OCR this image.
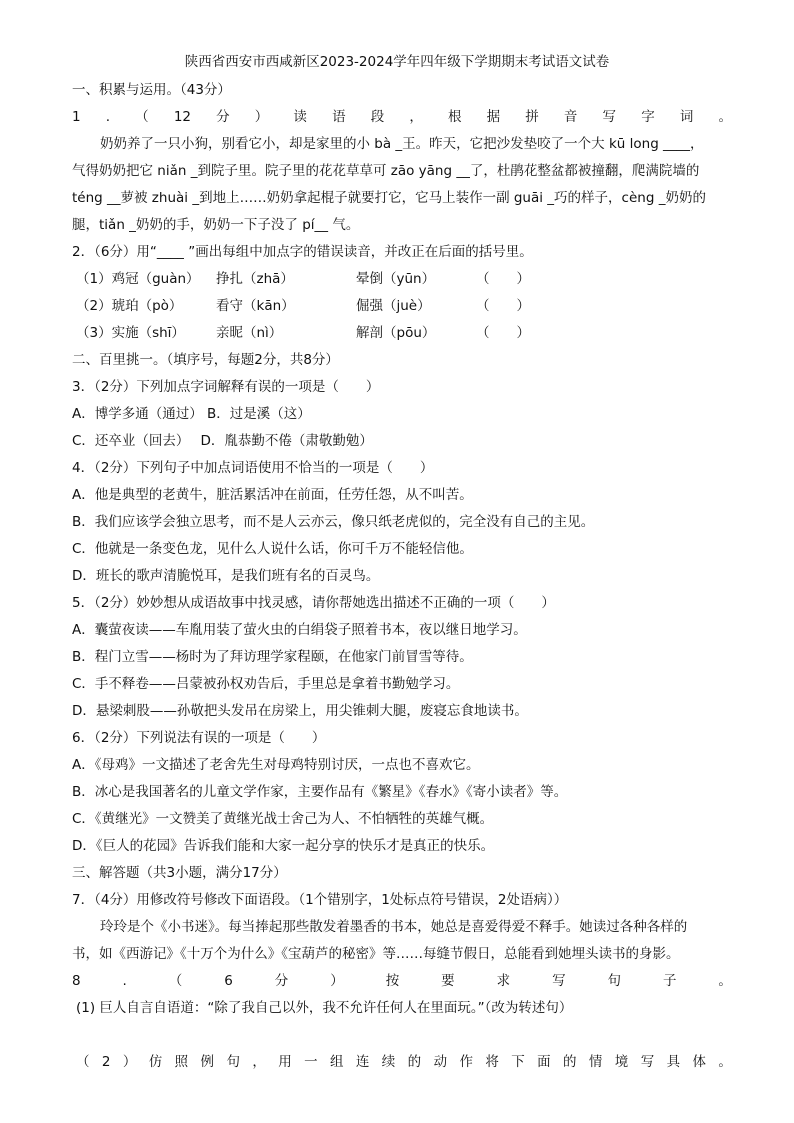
陕西省西安市西咸新区2023-2024学年四年级下学期期末考试语文试卷
一、积累与运用。（43分）
1 . （ 12 分 ） 读 语 段 ， 根 据 拼 音 写 字 词 。
奶奶养了一只小狗，别看它小，却是家里的小 bà _王。昨天，它把沙发垫咬了一个大 kū long ____，
气得奶奶把它 niǎn _到院子里。院子里的花花草草可 zāo yāng __了，杜鹃花整盆都被撞翻，爬满院墙的
téng __萝被 zhuài _到地上……奶奶拿起棍子就要打它，它马上装作一副 guāi _巧的样子，cèng _奶奶的
腿，tiǎn _奶奶的手，奶奶一下子没了 pí__ 气。
2．（6分）用“____ ”画出每组中加点字的错误读音，并改正在后面的括号里。
（1）鸡冠（guàn）	挣扎（zhā）	晕倒（yūn）	（　　）
（2）琥珀（pò）	看守（kān）	倔强（juè）	（　　）
（3）实施（shī）	亲昵（nì）	解剖（pōu）	（　　）
二、百里挑一。（填序号，每题2分，共8分）
3．（2分）下列加点字词解释有误的一项是（　　）
A．博学多通（通过） B．过是溪（这）
C．还卒业（回去）　 D．胤恭勤不倦（肃敬勤勉）
4．（2分）下列句子中加点词语使用不恰当的一项是（　　）
A．他是典型的老黄牛，脏活累活冲在前面，任劳任怨，从不叫苦。
B．我们应该学会独立思考，而不是人云亦云，像只纸老虎似的，完全没有自己的主见。
C．他就是一条变色龙，见什么人说什么话，你可千万不能轻信他。
D．班长的歌声清脆悦耳，是我们班有名的百灵鸟。
5．（2分）妙妙想从成语故事中找灵感，请你帮她选出描述不正确的一项（　　）
A．囊萤夜读——车胤用装了萤火虫的白绢袋子照着书本，夜以继日地学习。
B．程门立雪——杨时为了拜访理学家程颐，在他家门前冒雪等待。
C．手不释卷——吕蒙被孙权劝告后，手里总是拿着书勤勉学习。
D．悬梁刺股——孙敬把头发吊在房梁上，用尖锥刺大腿，废寝忘食地读书。
6．（2分）下列说法有误的一项是（　　）
A．《母鸡》一文描述了老舍先生对母鸡特别讨厌，一点也不喜欢它。
B．冰心是我国著名的儿童文学作家，主要作品有《繁星》《春水》《寄小读者》等。
C．《黄继光》一文赞美了黄继光战士舍己为人、不怕牺牲的英雄气概。
D．《巨人的花园》告诉我们能和大家一起分享的快乐才是真正的快乐。
三、解答题（共3小题，满分17分）
7．（4分）用修改符号修改下面语段。（1个错别字，1处标点符号错误，2处语病））
玲玲是个《小书迷》。每当捧起那些散发着墨香的书本，她总是喜爱得爱不释手。她读过各种各样的
书，如《西游记》《十万个为什么》《宝葫芦的秘密》等……每缝节假日，总能看到她埋头读书的身影。
8	.	（	6	分	）	按	要	求	写	句	子	。
(1) 巨人自言自语道：“除了我自己以外，我不允许任何人在里面玩。”（改为转述句）
（ 2 ） 仿 照 例 句 ， 用 一 组 连 续 的 动 作 将 下 面 的 情 境 写 具 体 。
